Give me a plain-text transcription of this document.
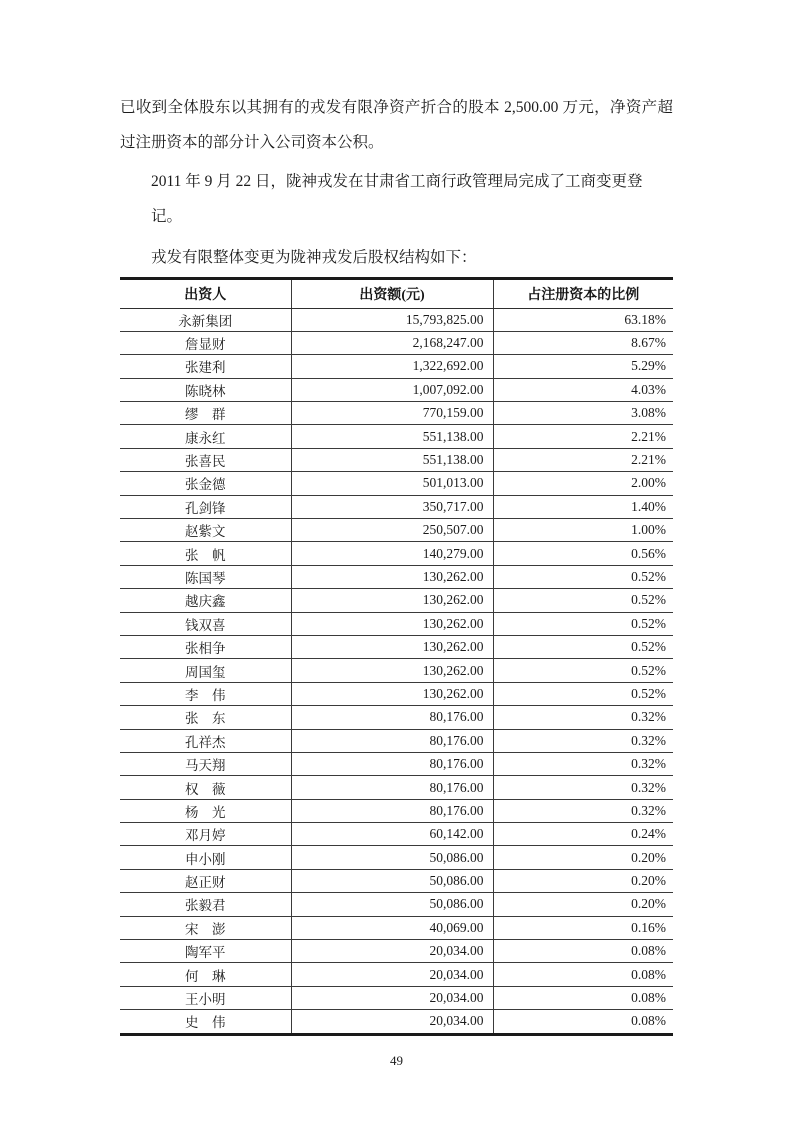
已收到全体股东以其拥有的戎发有限净资产折合的股本 2,500.00 万元，净资产超

过注册资本的部分计入公司资本公积。

2011 年 9 月 22 日，陇神戎发在甘肃省工商行政管理局完成了工商变更登记。

戎发有限整体变更为陇神戎发后股权结构如下：

出资人	出资额(元)	占注册资本的比例
永新集团	15,793,825.00	63.18%
詹显财	2,168,247.00	8.67%
张建利	1,322,692.00	5.29%
陈晓林	1,007,092.00	4.03%
缪　群	770,159.00	3.08%
康永红	551,138.00	2.21%
张喜民	551,138.00	2.21%
张金德	501,013.00	2.00%
孔剑锋	350,717.00	1.40%
赵紫文	250,507.00	1.00%
张　帆	140,279.00	0.56%
陈国琴	130,262.00	0.52%
越庆鑫	130,262.00	0.52%
钱双喜	130,262.00	0.52%
张相争	130,262.00	0.52%
周国玺	130,262.00	0.52%
李　伟	130,262.00	0.52%
张　东	80,176.00	0.32%
孔祥杰	80,176.00	0.32%
马天翔	80,176.00	0.32%
权　薇	80,176.00	0.32%
杨　光	80,176.00	0.32%
邓月婷	60,142.00	0.24%
申小刚	50,086.00	0.20%
赵正财	50,086.00	0.20%
张毅君	50,086.00	0.20%
宋　澎	40,069.00	0.16%
陶军平	20,034.00	0.08%
何　琳	20,034.00	0.08%
王小明	20,034.00	0.08%
史　伟	20,034.00	0.08%
49
